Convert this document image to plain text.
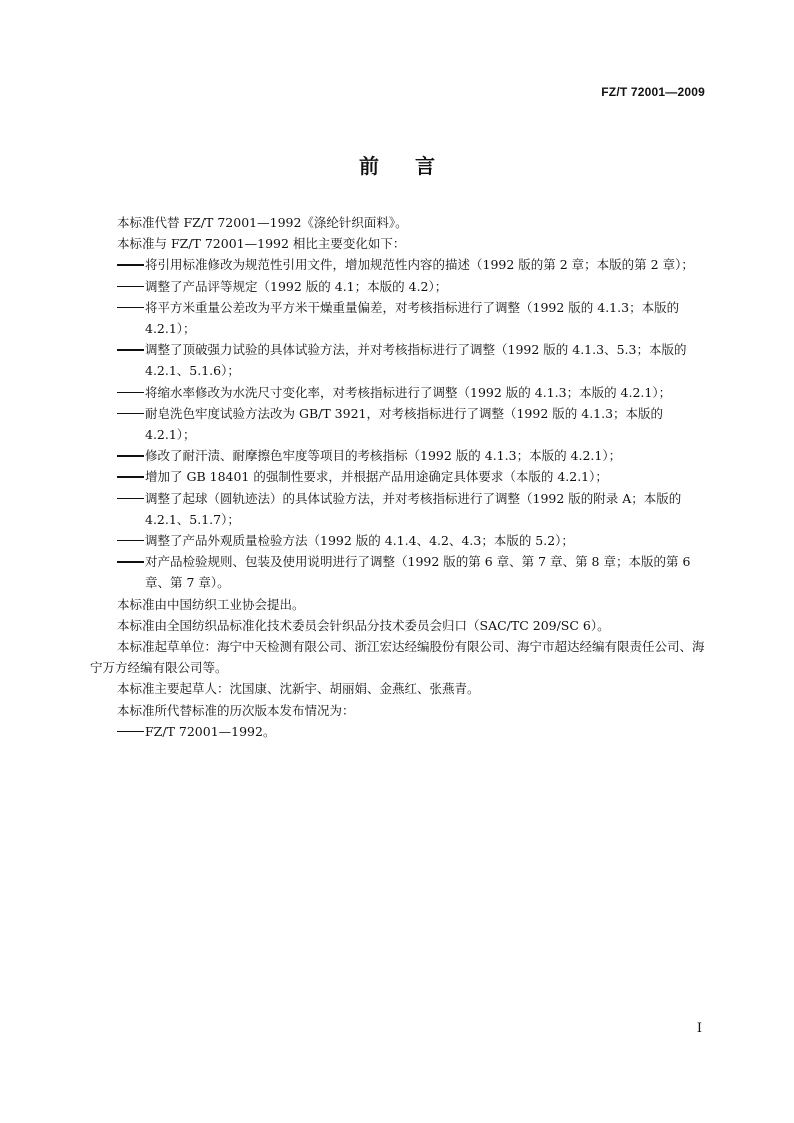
FZ/T 72001—2009
前言

本标准代替 FZ/T 72001—1992《涤纶针织面料》。

本标准与 FZ/T 72001—1992 相比主要变化如下：

将引用标准修改为规范性引用文件，增加规范性内容的描述（1992 版的第 2 章；本版的第 2 章）；

调整了产品评等规定（1992 版的 4.1；本版的 4.2）；

将平方米重量公差改为平方米干燥重量偏差，对考核指标进行了调整（1992 版的 4.1.3；本版的 4.2.1）；

调整了顶破强力试验的具体试验方法，并对考核指标进行了调整（1992 版的 4.1.3、5.3；本版的 4.2.1、5.1.6）；

将缩水率修改为水洗尺寸变化率，对考核指标进行了调整（1992 版的 4.1.3；本版的 4.2.1）；

耐皂洗色牢度试验方法改为 GB/T 3921，对考核指标进行了调整（1992 版的 4.1.3；本版的 4.2.1）；

修改了耐汗渍、耐摩擦色牢度等项目的考核指标（1992 版的 4.1.3；本版的 4.2.1）；

增加了 GB 18401 的强制性要求，并根据产品用途确定具体要求（本版的 4.2.1）；

调整了起球（圆轨迹法）的具体试验方法，并对考核指标进行了调整（1992 版的附录 A；本版的 4.2.1、5.1.7）；

调整了产品外观质量检验方法（1992 版的 4.1.4、4.2、4.3；本版的 5.2）；

对产品检验规则、包装及使用说明进行了调整（1992 版的第 6 章、第 7 章、第 8 章；本版的第 6 章、第 7 章）。

本标准由中国纺织工业协会提出。

本标准由全国纺织品标准化技术委员会针织品分技术委员会归口（SAC/TC 209/SC 6）。

本标准起草单位：海宁中天检测有限公司、浙江宏达经编股份有限公司、海宁市超达经编有限责任公司、海宁万方经编有限公司等。

本标准主要起草人：沈国康、沈新宇、胡丽娟、金燕红、张燕青。

本标准所代替标准的历次版本发布情况为：

FZ/T 72001—1992。

I
